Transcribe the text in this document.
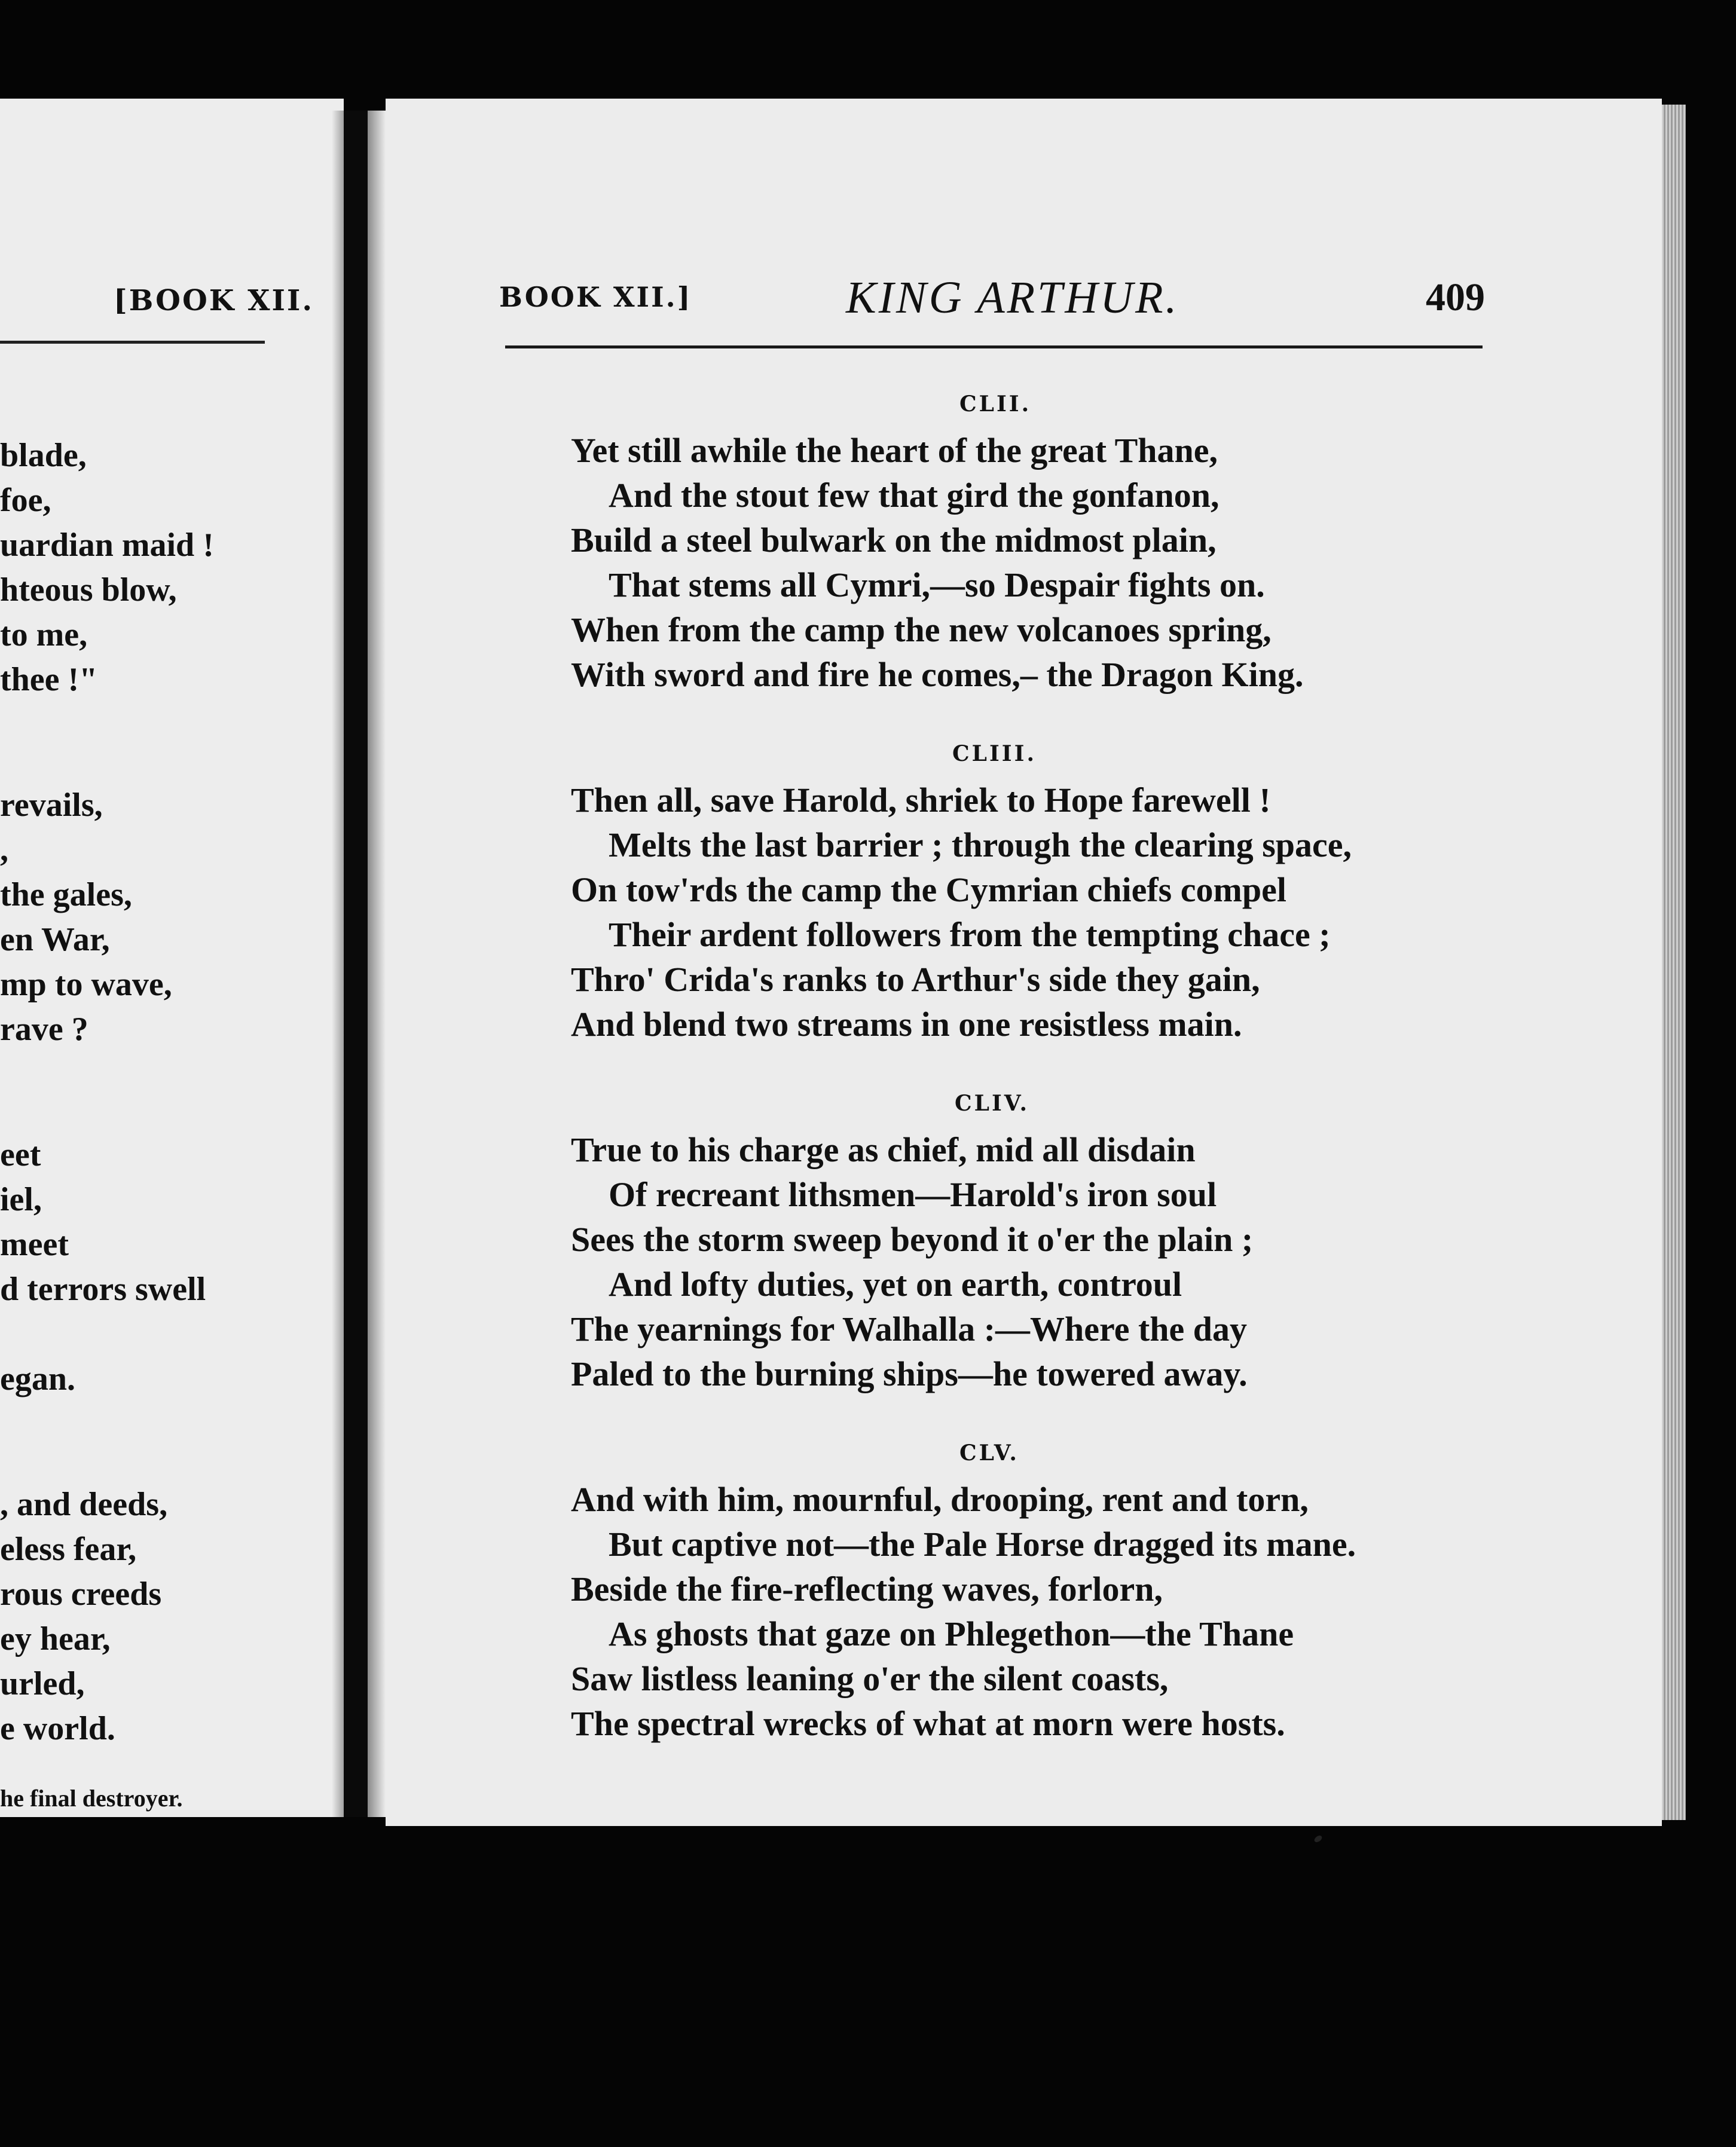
[BOOK XII.
blade,
foe,
uardian maid !
hteous blow,
to me,
thee !"
revails,
,
the gales,
en War,
mp to wave,
rave ?
eet
iel,
meet
d terrors swell
egan.
, and deeds,
eless fear,
rous creeds
ey hear,
urled,
e world.
he final destroyer.
BOOK XII.]	KING ARTHUR.	409
CLII.
Yet still awhile the heart of the great Thane,
And the stout few that gird the gonfanon,
Build a steel bulwark on the midmost plain,
That stems all Cymri,—so Despair fights on.
When from the camp the new volcanoes spring,
With sword and fire he comes,– the Dragon King.
CLIII.
Then all, save Harold, shriek to Hope farewell !
Melts the last barrier ; through the clearing space,
On tow'rds the camp the Cymrian chiefs compel
Their ardent followers from the tempting chace ;
Thro' Crida's ranks to Arthur's side they gain,
And blend two streams in one resistless main.
CLIV.
True to his charge as chief, mid all disdain
Of recreant lithsmen—Harold's iron soul
Sees the storm sweep beyond it o'er the plain ;
And lofty duties, yet on earth, controul
The yearnings for Walhalla :—Where the day
Paled to the burning ships—he towered away.
CLV.
And with him, mournful, drooping, rent and torn,
But captive not—the Pale Horse dragged its mane.
Beside the fire-reflecting waves, forlorn,
As ghosts that gaze on Phlegethon—the Thane
Saw listless leaning o'er the silent coasts,
The spectral wrecks of what at morn were hosts.
